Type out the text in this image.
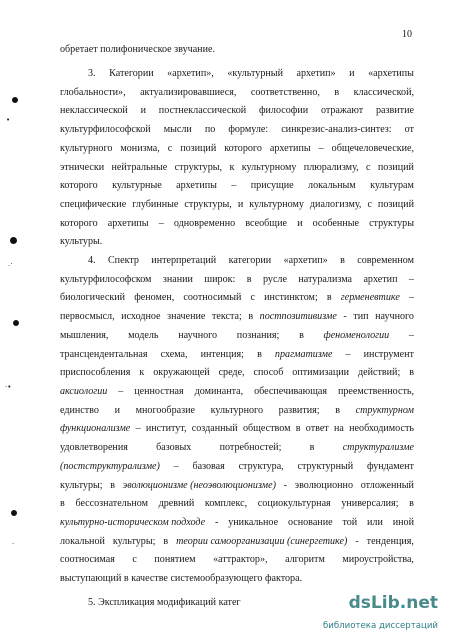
10
обретает полифоническое звучание.
3. Категории «архетип», «культурный архетип» и «архетипы
глобальности», актуализировавшиеся, соответственно, в классической,
неклассической и постнеклассической философии отражают развитие
культурфилософской мысли по формуле: синкрезис-анализ-синтез: от
культурного монизма, с позиций которого архетипы – общечеловеческие,
этнически нейтральные структуры, к культурному плюрализму, с позиций
которого культурные архетипы – присущие локальным культурам
специфические глубинные структуры, и культурному диалогизму, с позиций
которого архетипы – одновременно всеобщие и особенные структуры
культуры.
4. Спектр интерпретаций категории «архетип» в современном
культурфилософском знании широк: в русле натурализма архетип –
биологический феномен, соотносимый с инстинктом; в герменевтике –
первосмысл, исходное значение текста; в постпозитивизме - тип научного
мышления, модель научного познания; в феноменологии –
трансцендентальная схема, интенция; в прагматизме – инструмент
приспособления к окружающей среде, способ оптимизации действий; в
аксиологии – ценностная доминанта, обеспечивающая преемственность,
единство и многообразие культурного развития; в структурном
функционализме – институт, созданный обществом в ответ на необходимость
удовлетворения	базовых	потребностей;	в	структурализме
(постструктурализме) – базовая структура, структурный фундамент
культуры; в эволюционизме (неоэволюционизме) - эволюционно отложенный
в бессознательном древний комплекс, социокультурная универсалия; в
культурно-историческом подходе - уникальное основание той или иной
локальной культуры; в теории самоорганизации (синергетике) - тенденция,
соотносимая с понятием «аттрактор», алгоритм мироустройства,
выступающий в качестве системообразующего фактора.
5. Экспликация модификаций катег
•
.·
·•
·
библиотека диссертаций
dsLib.net
